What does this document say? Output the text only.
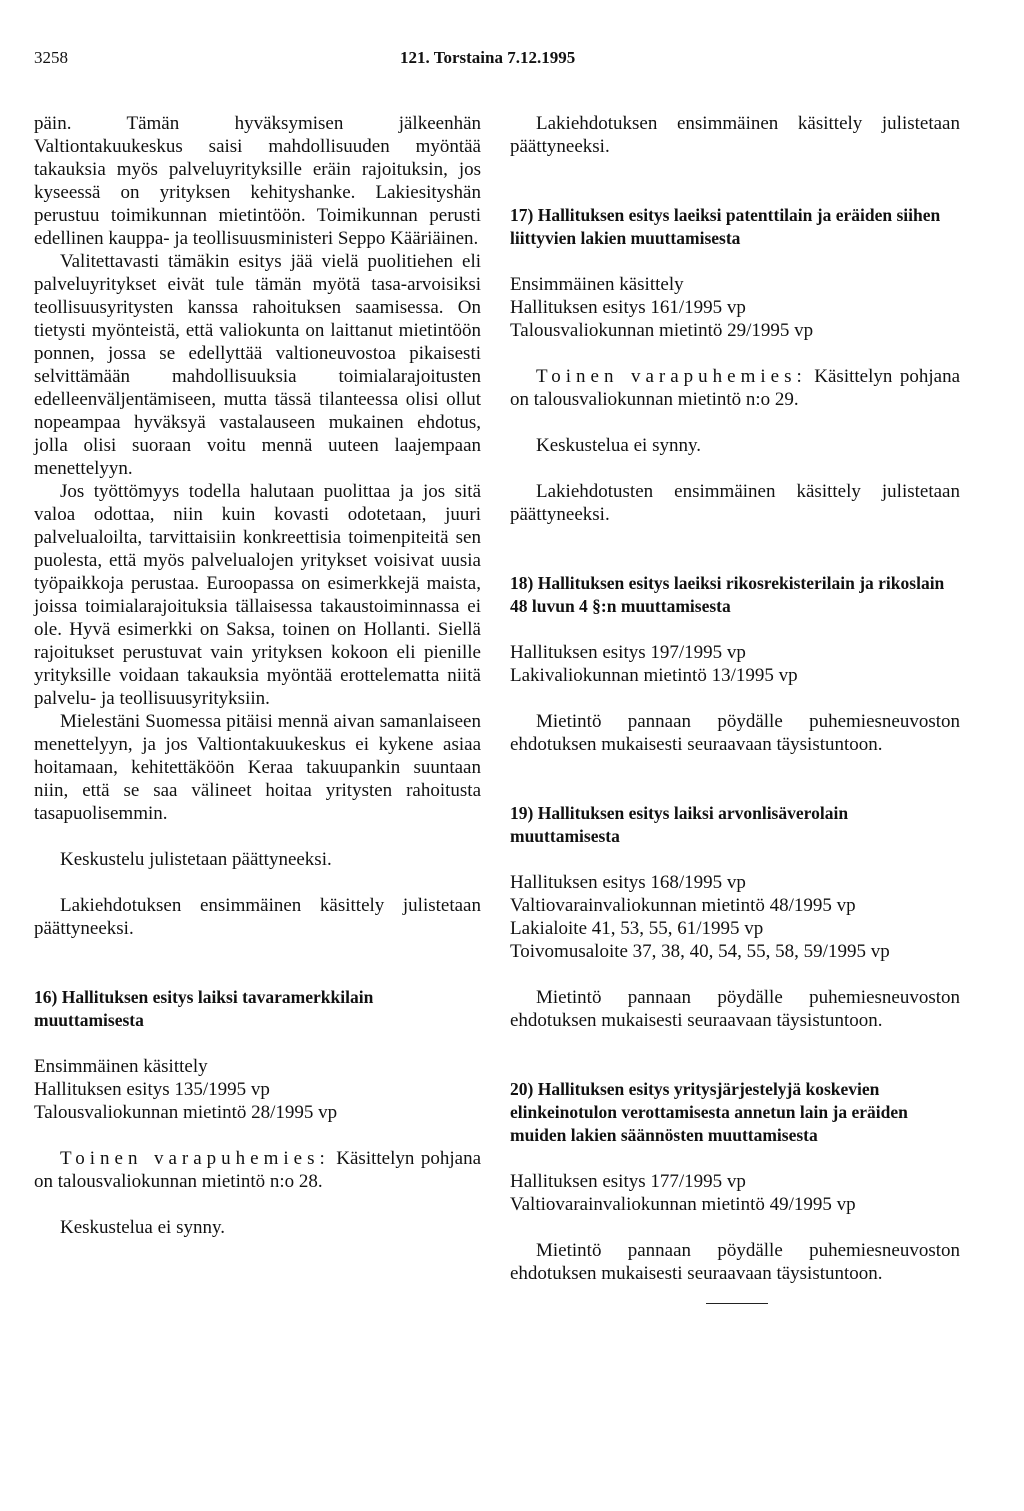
3258	121. Torstaina 7.12.1995

päin. Tämän hyväksymisen jälkeenhän Valtiontakuukeskus saisi mahdollisuuden myöntää takauksia myös palveluyrityksille eräin rajoituksin, jos kyseessä on yrityksen kehityshanke. Lakiesityshän perustuu toimikunnan mietintöön. Toimikunnan perusti edellinen kauppa- ja teollisuusministeri Seppo Kääriäinen.

Valitettavasti tämäkin esitys jää vielä puolitiehen eli palveluyritykset eivät tule tämän myötä tasa-arvoisiksi teollisuusyritysten kanssa rahoituksen saamisessa. On tietysti myönteistä, että valiokunta on laittanut mietintöön ponnen, jossa se edellyttää valtioneuvostoa pikaisesti selvittämään mahdollisuuksia toimialarajoitusten edelleenväljentämiseen, mutta tässä tilanteessa olisi ollut nopeampaa hyväksyä vastalauseen mukainen ehdotus, jolla olisi suoraan voitu mennä uuteen laajempaan menettelyyn.

Jos työttömyys todella halutaan puolittaa ja jos sitä valoa odottaa, niin kuin kovasti odotetaan, juuri palvelualoilta, tarvittaisiin konkreettisia toimenpiteitä sen puolesta, että myös palvelualojen yritykset voisivat uusia työpaikkoja perustaa. Euroopassa on esimerkkejä maista, joissa toimialarajoituksia tällaisessa takaustoiminnassa ei ole. Hyvä esimerkki on Saksa, toinen on Hollanti. Siellä rajoitukset perustuvat vain yrityksen kokoon eli pienille yrityksille voidaan takauksia myöntää erottelematta niitä palvelu- ja teollisuusyrityksiin.

Mielestäni Suomessa pitäisi mennä aivan samanlaiseen menettelyyn, ja jos Valtiontakuukeskus ei kykene asiaa hoitamaan, kehitettäköön Keraa takuupankin suuntaan niin, että se saa välineet hoitaa yritysten rahoitusta tasapuolisemmin.

Keskustelu julistetaan päättyneeksi.

Lakiehdotuksen ensimmäinen käsittely julistetaan päättyneeksi.

16) Hallituksen esitys laiksi tavaramerkkilain muuttamisesta
Ensimmäinen käsittely
Hallituksen esitys 135/1995 vp
Talousvaliokunnan mietintö 28/1995 vp

Toinen varapuhemies: Käsittelyn pohjana on talousvaliokunnan mietintö n:o 28.

Keskustelua ei synny.

Lakiehdotuksen ensimmäinen käsittely julistetaan päättyneeksi.

17) Hallituksen esitys laeiksi patenttilain ja eräiden siihen liittyvien lakien muuttamisesta
Ensimmäinen käsittely
Hallituksen esitys 161/1995 vp
Talousvaliokunnan mietintö 29/1995 vp

Toinen varapuhemies: Käsittelyn pohjana on talousvaliokunnan mietintö n:o 29.

Keskustelua ei synny.

Lakiehdotusten ensimmäinen käsittely julistetaan päättyneeksi.

18) Hallituksen esitys laeiksi rikosrekisterilain ja rikoslain 48 luvun 4 §:n muuttamisesta
Hallituksen esitys 197/1995 vp
Lakivaliokunnan mietintö 13/1995 vp

Mietintö pannaan pöydälle puhemiesneuvoston ehdotuksen mukaisesti seuraavaan täysistuntoon.

19) Hallituksen esitys laiksi arvonlisäverolain muuttamisesta
Hallituksen esitys 168/1995 vp
Valtiovarainvaliokunnan mietintö 48/1995 vp
Lakialoite 41, 53, 55, 61/1995 vp
Toivomusaloite 37, 38, 40, 54, 55, 58, 59/1995 vp

Mietintö pannaan pöydälle puhemiesneuvoston ehdotuksen mukaisesti seuraavaan täysistuntoon.

20) Hallituksen esitys yritysjärjestelyjä koskevien elinkeinotulon verottamisesta annetun lain ja eräiden muiden lakien säännösten muuttamisesta
Hallituksen esitys 177/1995 vp
Valtiovarainvaliokunnan mietintö 49/1995 vp

Mietintö pannaan pöydälle puhemiesneuvoston ehdotuksen mukaisesti seuraavaan täysistuntoon.
